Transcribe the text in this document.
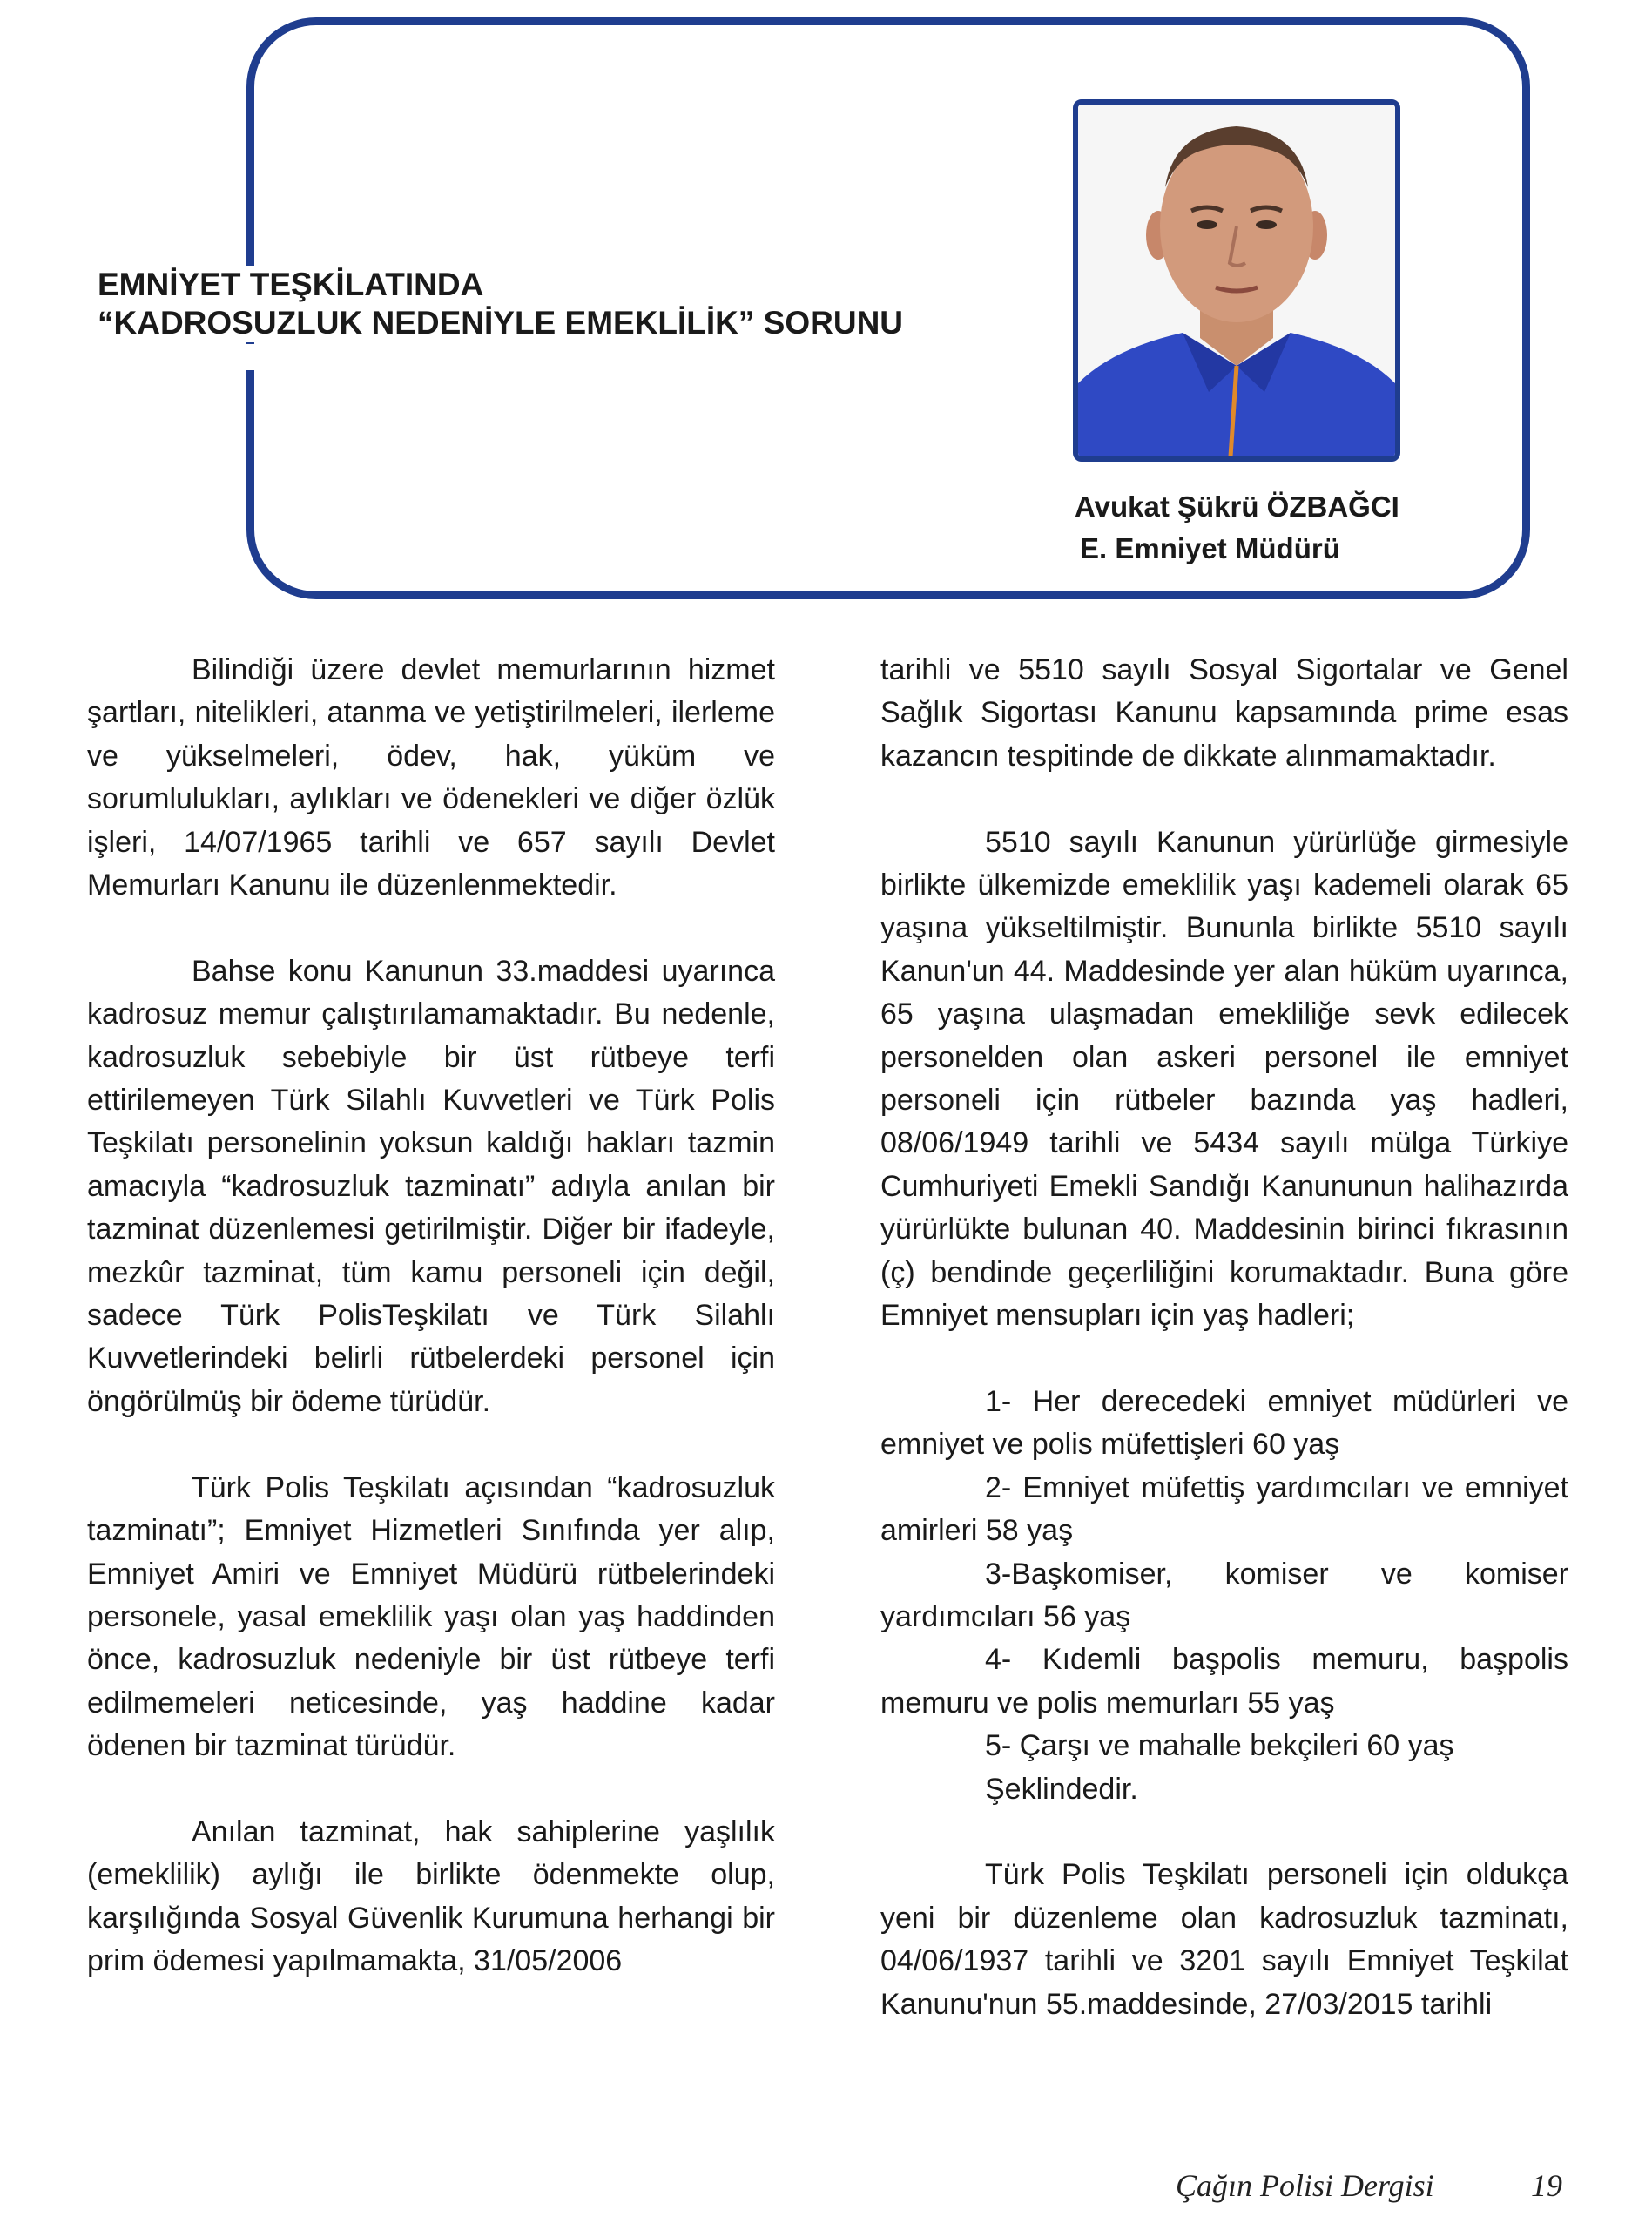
EMNİYET TEŞKİLATINDA
“KADROSUZLUK NEDENİYLE EMEKLİLİK” SORUNU
Avukat Şükrü ÖZBAĞCI
E. Emniyet Müdürü

Bilindiği üzere devlet memurlarının hizmet şartları, nitelikleri, atanma ve yetiştirilmeleri, ilerleme ve yükselmeleri, ödev, hak, yüküm ve sorumlulukları, aylıkları ve ödenekleri ve diğer özlük işleri, 14/07/1965 tarihli ve 657 sayılı Devlet Memurları Kanunu ile düzenlenmektedir.

Bahse konu Kanunun 33.maddesi uyarınca kadrosuz memur çalıştırılamamaktadır. Bu nedenle, kadrosuzluk sebebiyle bir üst rütbeye terfi ettirilemeyen Türk Silahlı Kuvvetleri ve Türk Polis Teşkilatı personelinin yoksun kaldığı hakları tazmin amacıyla “kadrosuzluk tazminatı” adıyla anılan bir tazminat düzenlemesi getirilmiştir. Diğer bir ifadeyle, mezkûr tazminat, tüm kamu personeli için değil, sadece Türk PolisTeşkilatı ve Türk Silahlı Kuvvetlerindeki belirli rütbelerdeki personel için öngörülmüş bir ödeme türüdür.

Türk Polis Teşkilatı açısından “kadrosuzluk tazminatı”; Emniyet Hizmetleri Sınıfında yer alıp, Emniyet Amiri ve Emniyet Müdürü rütbelerindeki personele, yasal emeklilik yaşı olan yaş haddinden önce, kadrosuzluk nedeniyle bir üst rütbeye terfi edilmemeleri neticesinde, yaş haddine kadar ödenen bir tazminat türüdür.

Anılan tazminat, hak sahiplerine yaşlılık (emeklilik) aylığı ile birlikte ödenmekte olup, karşılığında Sosyal Güvenlik Kurumuna herhangi bir prim ödemesi yapılmamakta, 31/05/2006

tarihli ve 5510 sayılı Sosyal Sigortalar ve Genel Sağlık Sigortası Kanunu kapsamında prime esas kazancın tespitinde de dikkate alınmamaktadır.

5510 sayılı Kanunun yürürlüğe girmesiyle birlikte ülkemizde emeklilik yaşı kademeli olarak 65 yaşına yükseltilmiştir. Bununla birlikte 5510 sayılı Kanun'un 44. Maddesinde yer alan hüküm uyarınca, 65 yaşına ulaşmadan emekliliğe sevk edilecek personelden olan askeri personel ile emniyet personeli için rütbeler bazında yaş hadleri, 08/06/1949 tarihli ve 5434 sayılı mülga Türkiye Cumhuriyeti Emekli Sandığı Kanununun halihazırda yürürlükte bulunan 40. Maddesinin birinci fıkrasının (ç) bendinde geçerliliğini korumaktadır. Buna göre Emniyet mensupları için yaş hadleri;

1- Her derecedeki emniyet müdürleri ve emniyet ve polis müfettişleri 60 yaş

2- Emniyet müfettiş yardımcıları ve emniyet amirleri 58 yaş

3-Başkomiser, komiser ve komiser yardımcıları 56 yaş

4- Kıdemli başpolis memuru, başpolis memuru ve polis memurları 55 yaş

5- Çarşı ve mahalle bekçileri 60 yaş

Şeklindedir.

Türk Polis Teşkilatı personeli için oldukça yeni bir düzenleme olan kadrosuzluk tazminatı, 04/06/1937 tarihli ve 3201 sayılı Emniyet Teşkilat Kanunu'nun 55.maddesinde, 27/03/2015 tarihli

Çağın Polisi Dergisi	19
